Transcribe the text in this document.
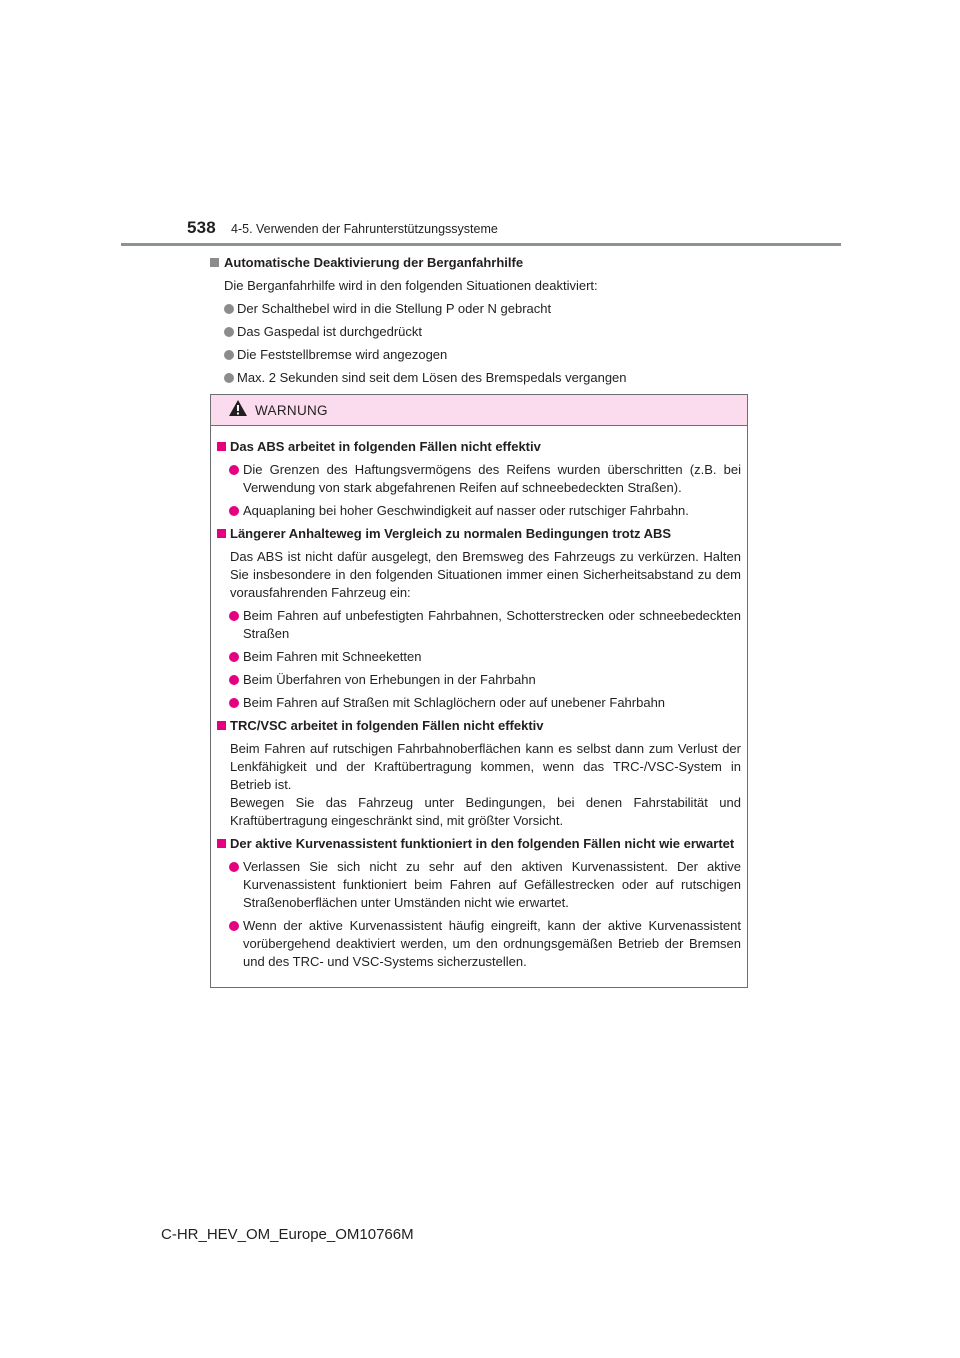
538 4-5. Verwenden der Fahrunterstützungssysteme
Automatische Deaktivierung der Berganfahrhilfe
Die Berganfahrhilfe wird in den folgenden Situationen deaktiviert:
Der Schalthebel wird in die Stellung P oder N gebracht
Das Gaspedal ist durchgedrückt
Die Feststellbremse wird angezogen
Max. 2 Sekunden sind seit dem Lösen des Bremspedals vergangen
WARNUNG
Das ABS arbeitet in folgenden Fällen nicht effektiv
Die Grenzen des Haftungsvermögens des Reifens wurden überschritten (z.B. bei Verwendung von stark abgefahrenen Reifen auf schneebedeckten Straßen).
Aquaplaning bei hoher Geschwindigkeit auf nasser oder rutschiger Fahrbahn.
Längerer Anhalteweg im Vergleich zu normalen Bedingungen trotz ABS
Das ABS ist nicht dafür ausgelegt, den Bremsweg des Fahrzeugs zu verkürzen. Halten Sie insbesondere in den folgenden Situationen immer einen Sicherheitsabstand zu dem vorausfahrenden Fahrzeug ein:
Beim Fahren auf unbefestigten Fahrbahnen, Schotterstrecken oder schneebedeckten Straßen
Beim Fahren mit Schneeketten
Beim Überfahren von Erhebungen in der Fahrbahn
Beim Fahren auf Straßen mit Schlaglöchern oder auf unebener Fahrbahn
TRC/VSC arbeitet in folgenden Fällen nicht effektiv
Beim Fahren auf rutschigen Fahrbahnoberflächen kann es selbst dann zum Verlust der Lenkfähigkeit und der Kraftübertragung kommen, wenn das TRC-/VSC-System in Betrieb ist.
Bewegen Sie das Fahrzeug unter Bedingungen, bei denen Fahrstabilität und Kraftübertragung eingeschränkt sind, mit größter Vorsicht.
Der aktive Kurvenassistent funktioniert in den folgenden Fällen nicht wie erwartet
Verlassen Sie sich nicht zu sehr auf den aktiven Kurvenassistent. Der aktive Kurvenassistent funktioniert beim Fahren auf Gefällestrecken oder auf rutschigen Straßenoberflächen unter Umständen nicht wie erwartet.
Wenn der aktive Kurvenassistent häufig eingreift, kann der aktive Kurvenassistent vorübergehend deaktiviert werden, um den ordnungsgemäßen Betrieb der Bremsen und des TRC- und VSC-Systems sicherzustellen.
C-HR_HEV_OM_Europe_OM10766M
